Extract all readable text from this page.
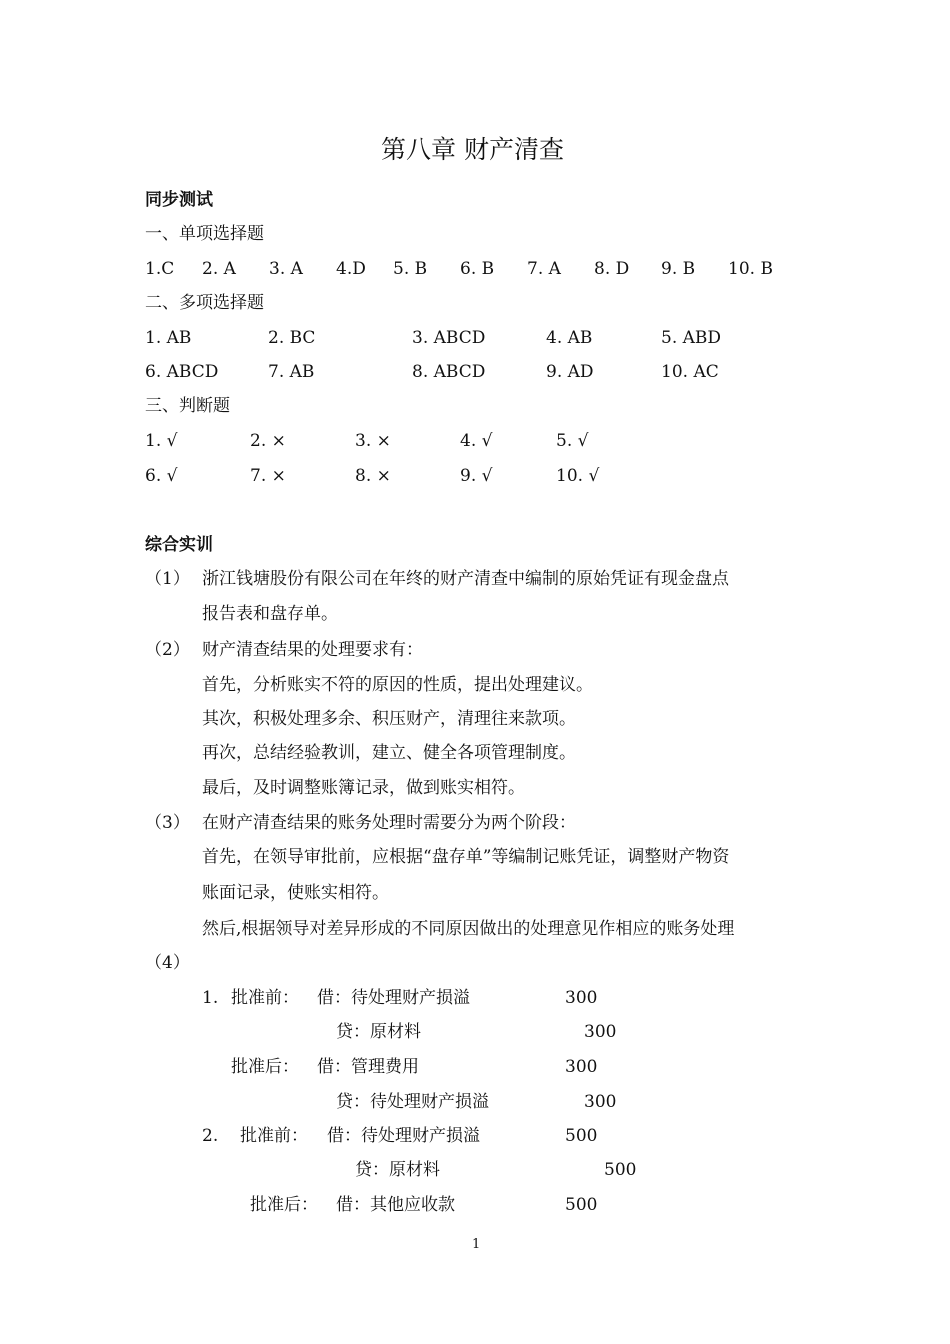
第八章 财产清查
同步测试
一、单项选择题
1.C 2. A 3. A 4.D 5. B 6. B 7. A 8. D 9. B 10. B
二、多项选择题
1. AB	2. BC	3. ABCD	4. AB	5. ABD
6. ABCD	7. AB	8. ABCD	9. AD	10. AC
三、判断题
1. √	2. ×	3. ×	4. √	5. √
6. √	7. ×	8. ×	9. √	10. √
综合实训
（1） 浙江钱塘股份有限公司在年终的财产清查中编制的原始凭证有现金盘点
报告表和盘存单。
（2） 财产清查结果的处理要求有：
首先，分析账实不符的原因的性质，提出处理建议。
其次，积极处理多余、积压财产，清理往来款项。
再次，总结经验教训，建立、健全各项管理制度。
最后，及时调整账簿记录，做到账实相符。
（3） 在财产清查结果的账务处理时需要分为两个阶段：
首先，在领导审批前，应根据“盘存单”等编制记账凭证，调整财产物资
账面记录，使账实相符。
然后,根据领导对差异形成的不同原因做出的处理意见作相应的账务处理
（4）
1. 批准前： 借：待处理财产损溢	300
贷：原材料	300
批准后： 借：管理费用	300
贷：待处理财产损溢	300
2. 批准前： 借：待处理财产损溢	500
贷：原材料	500
批准后： 借：其他应收款	500
1
